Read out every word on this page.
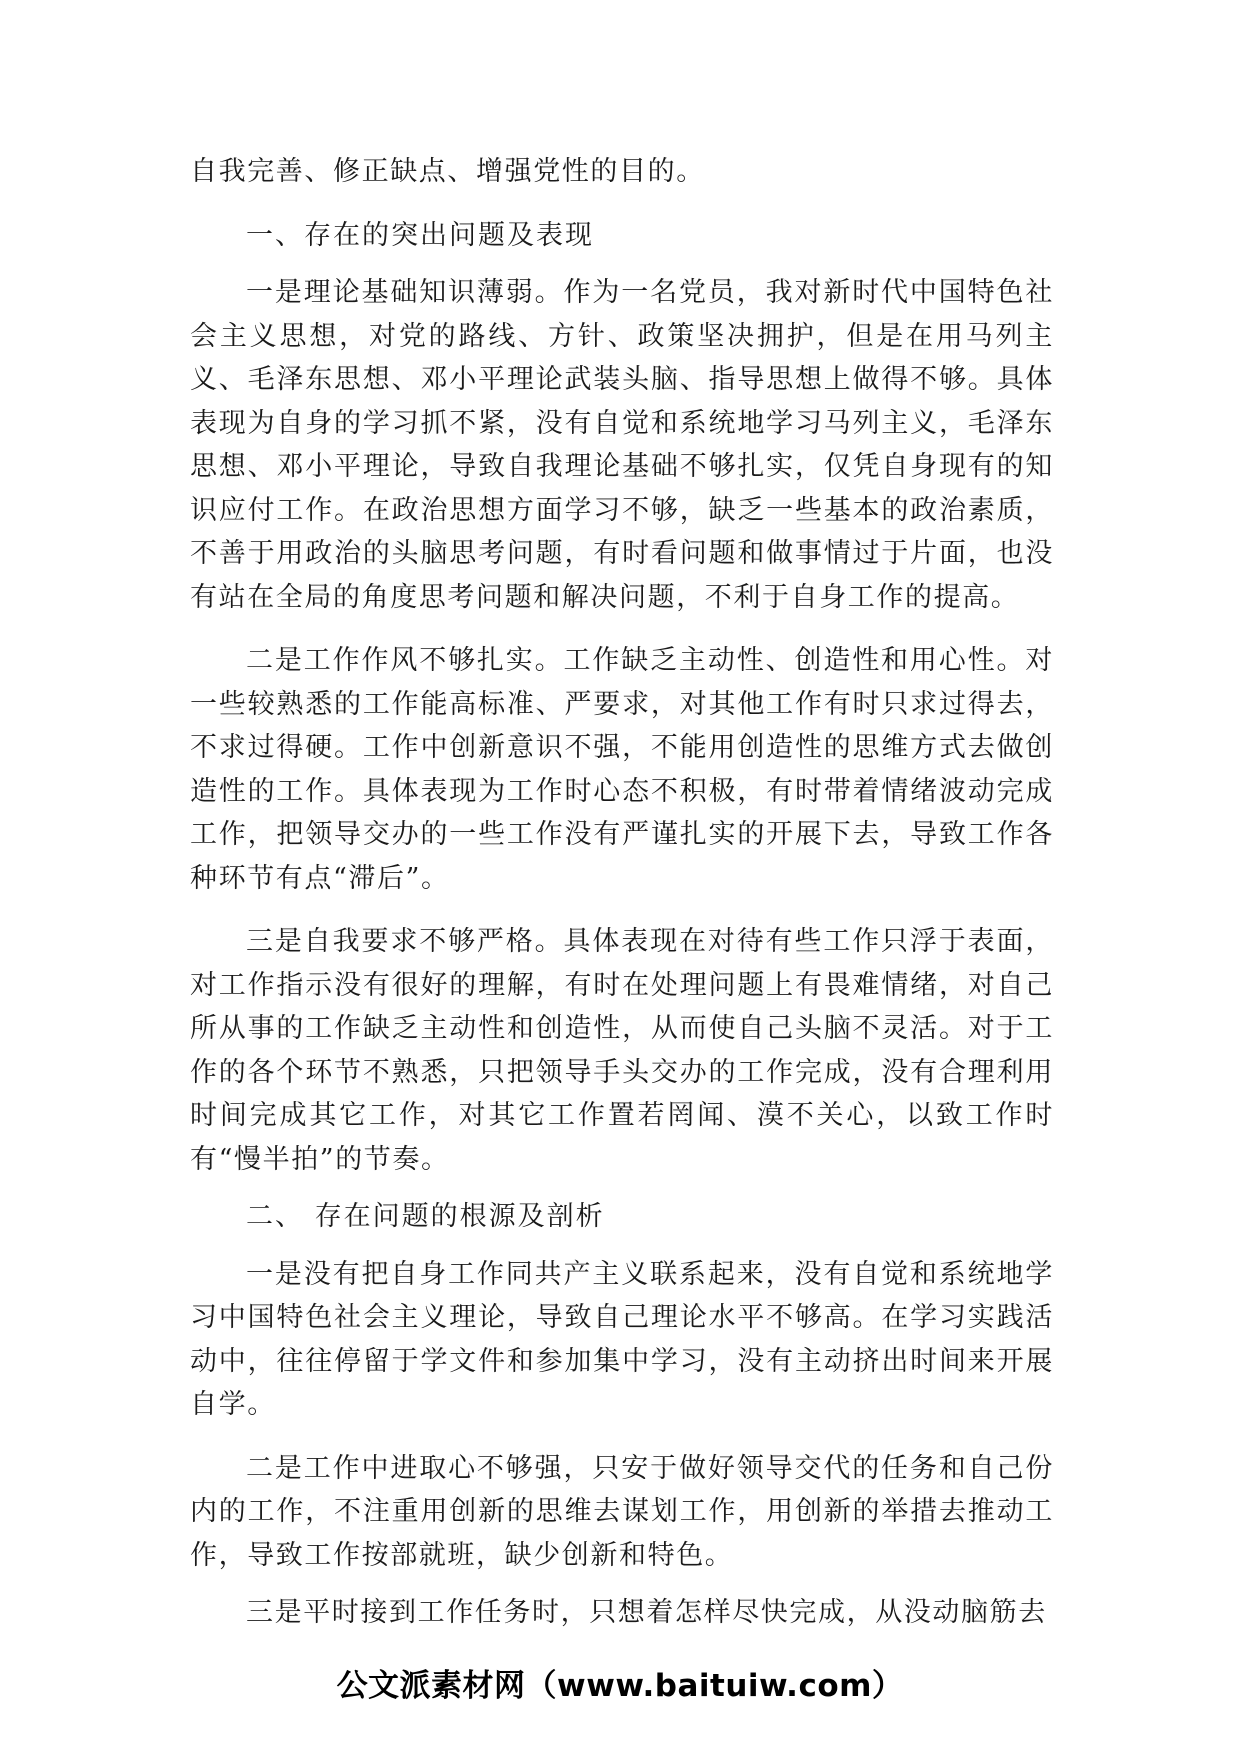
自我完善、修正缺点、增强党性的目的。

一、存在的突出问题及表现

一是理论基础知识薄弱。作为一名党员，我对新时代中国特色社会主义思想，对党的路线、方针、政策坚决拥护，但是在用马列主义、毛泽东思想、邓小平理论武装头脑、指导思想上做得不够。具体表现为自身的学习抓不紧，没有自觉和系统地学习马列主义，毛泽东思想、邓小平理论，导致自我理论基础不够扎实，仅凭自身现有的知识应付工作。在政治思想方面学习不够，缺乏一些基本的政治素质，不善于用政治的头脑思考问题，有时看问题和做事情过于片面，也没有站在全局的角度思考问题和解决问题，不利于自身工作的提高。

二是工作作风不够扎实。工作缺乏主动性、创造性和用心性。对一些较熟悉的工作能高标准、严要求，对其他工作有时只求过得去，不求过得硬。工作中创新意识不强，不能用创造性的思维方式去做创造性的工作。具体表现为工作时心态不积极，有时带着情绪波动完成工作，把领导交办的一些工作没有严谨扎实的开展下去，导致工作各种环节有点“滞后”。

三是自我要求不够严格。具体表现在对待有些工作只浮于表面，对工作指示没有很好的理解，有时在处理问题上有畏难情绪，对自己所从事的工作缺乏主动性和创造性，从而使自己头脑不灵活。对于工作的各个环节不熟悉，只把领导手头交办的工作完成，没有合理利用时间完成其它工作，对其它工作置若罔闻、漠不关心，以致工作时有“慢半拍”的节奏。

二、 存在问题的根源及剖析

一是没有把自身工作同共产主义联系起来，没有自觉和系统地学习中国特色社会主义理论，导致自己理论水平不够高。在学习实践活动中，往往停留于学文件和参加集中学习，没有主动挤出时间来开展自学。

二是工作中进取心不够强，只安于做好领导交代的任务和自己份内的工作，不注重用创新的思维去谋划工作，用创新的举措去推动工作，导致工作按部就班，缺少创新和特色。

三是平时接到工作任务时，只想着怎样尽快完成，从没动脑筋去

公文派素材网（www.baituiw.com）
